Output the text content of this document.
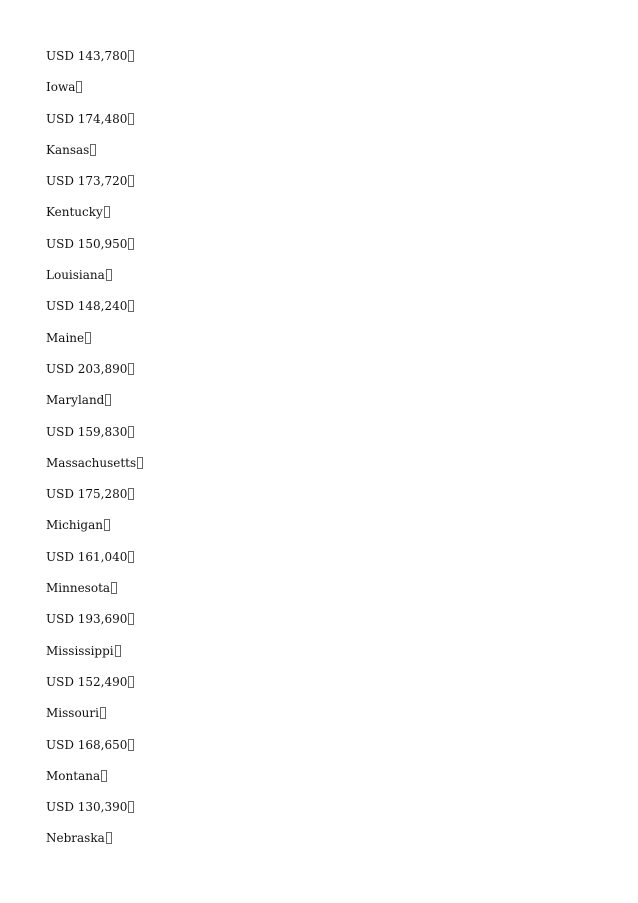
USD 143,780
Iowa
USD 174,480
Kansas
USD 173,720
Kentucky
USD 150,950
Louisiana
USD 148,240
Maine
USD 203,890
Maryland
USD 159,830
Massachusetts
USD 175,280
Michigan
USD 161,040
Minnesota
USD 193,690
Mississippi
USD 152,490
Missouri
USD 168,650
Montana
USD 130,390
Nebraska
